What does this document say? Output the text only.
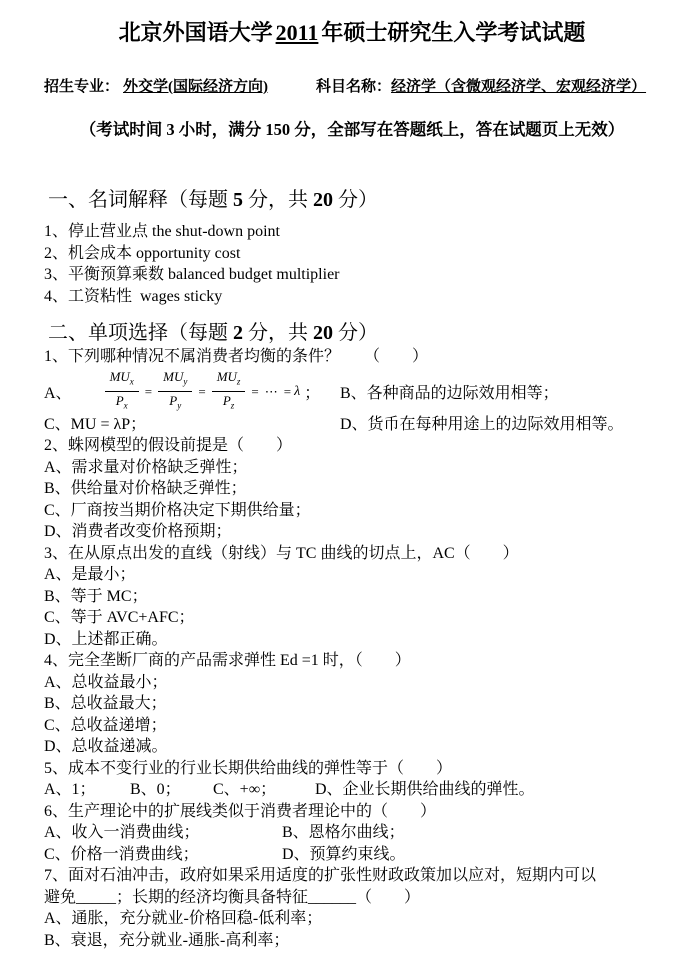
北京外国语大学 2011 年硕士研究生入学考试试题
招生专业： 外交学(国际经济方向)	科目名称：经济学（含微观经济学、宏观经济学）
（考试时间 3 小时，满分 150 分，全部写在答题纸上，答在试题页上无效）
一、名词解释（每题 5 分，共 20 分）
1、停止营业点 the shut-down point
2、机会成本 opportunity cost
3、平衡预算乘数 balanced budget multiplier
4、工资粘性  wages sticky
二、单项选择（每题 2 分，共 20 分）
1、下列哪种情况不属消费者均衡的条件？　　（　　）
A、	$\frac{MU_x}{P_x} = \frac{MU_y}{P_y} = \frac{MU_z}{P_z}$ = ⋯ = λ ； B、各种商品的边际效用相等；
C、MU = λP；	D、货币在每种用途上的边际效用相等。
2、蛛网模型的假设前提是（　　）
A、需求量对价格缺乏弹性；
B、供给量对价格缺乏弹性；
C、厂商按当期价格决定下期供给量；
D、消费者改变价格预期；
3、在从原点出发的直线（射线）与 TC 曲线的切点上，AC（　　）
A、是最小；
B、等于 MC；
C、等于 AVC+AFC；
D、上述都正确。
4、完全垄断厂商的产品需求弹性 Ed =1 时，（　　）
A、总收益最小；
B、总收益最大；
C、总收益递增；
D、总收益递减。
5、成本不变行业的行业长期供给曲线的弹性等于（　　）
A、1；	B、0；	C、+∞；	D、企业长期供给曲线的弹性。
6、生产理论中的扩展线类似于消费者理论中的（　　）
A、收入一消费曲线；	B、恩格尔曲线；
C、价格一消费曲线；	D、预算约束线。
7、面对石油冲击，政府如果采用适度的扩张性财政政策加以应对，短期内可以
避免_____；长期的经济均衡具备特征______（　　）
A、通胀，充分就业-价格回稳-低利率；
B、衰退，充分就业-通胀-高利率；
